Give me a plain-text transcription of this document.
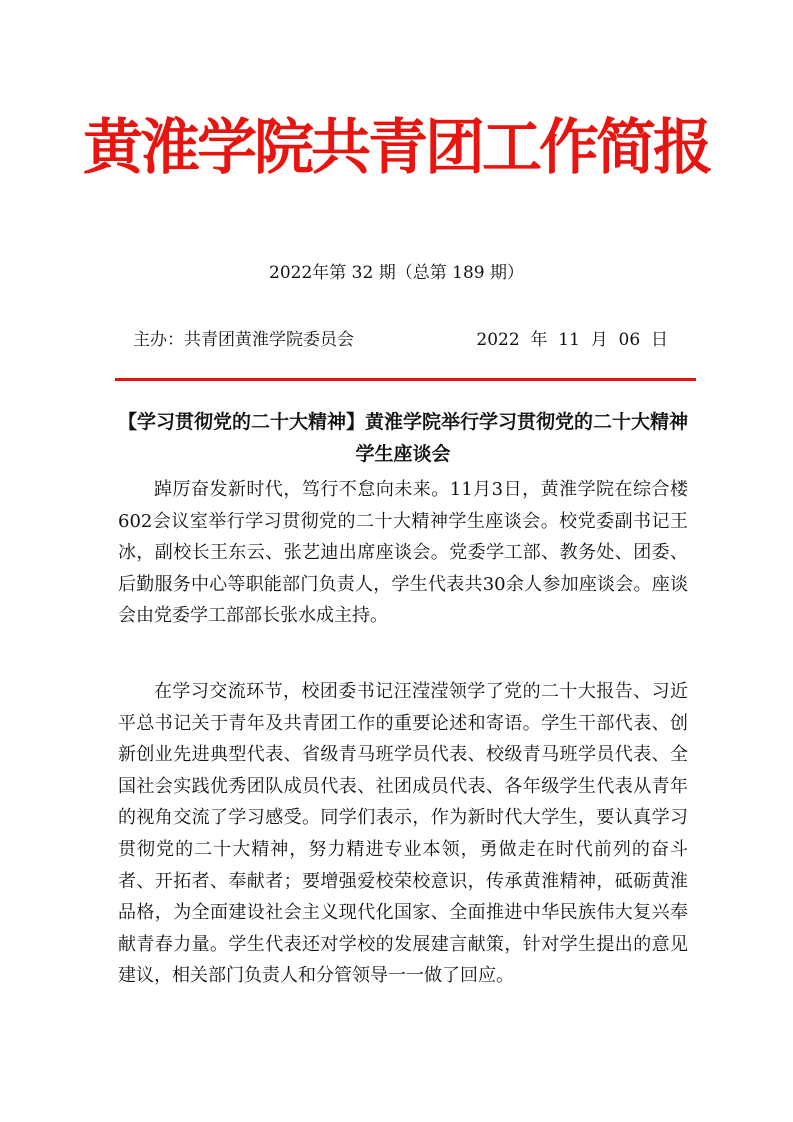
黄淮学院共青团工作简报
2022年第 32 期（总第 189 期）
主办：共青团黄淮学院委员会	2022  年  11  月  06  日
【学习贯彻党的二十大精神】黄淮学院举行学习贯彻党的二十大精神学生座谈会

踔厉奋发新时代，笃行不怠向未来。11月3日，黄淮学院在综合楼602会议室举行学习贯彻党的二十大精神学生座谈会。校党委副书记王冰，副校长王东云、张艺迪出席座谈会。党委学工部、教务处、团委、后勤服务中心等职能部门负责人，学生代表共30余人参加座谈会。座谈会由党委学工部部长张水成主持。

在学习交流环节，校团委书记汪滢滢领学了党的二十大报告、习近平总书记关于青年及共青团工作的重要论述和寄语。学生干部代表、创新创业先进典型代表、省级青马班学员代表、校级青马班学员代表、全国社会实践优秀团队成员代表、社团成员代表、各年级学生代表从青年的视角交流了学习感受。同学们表示，作为新时代大学生，要认真学习贯彻党的二十大精神，努力精进专业本领，勇做走在时代前列的奋斗者、开拓者、奉献者；要增强爱校荣校意识，传承黄淮精神，砥砺黄淮品格，为全面建设社会主义现代化国家、全面推进中华民族伟大复兴奉献青春力量。学生代表还对学校的发展建言献策，针对学生提出的意见建议，相关部门负责人和分管领导一一做了回应。
